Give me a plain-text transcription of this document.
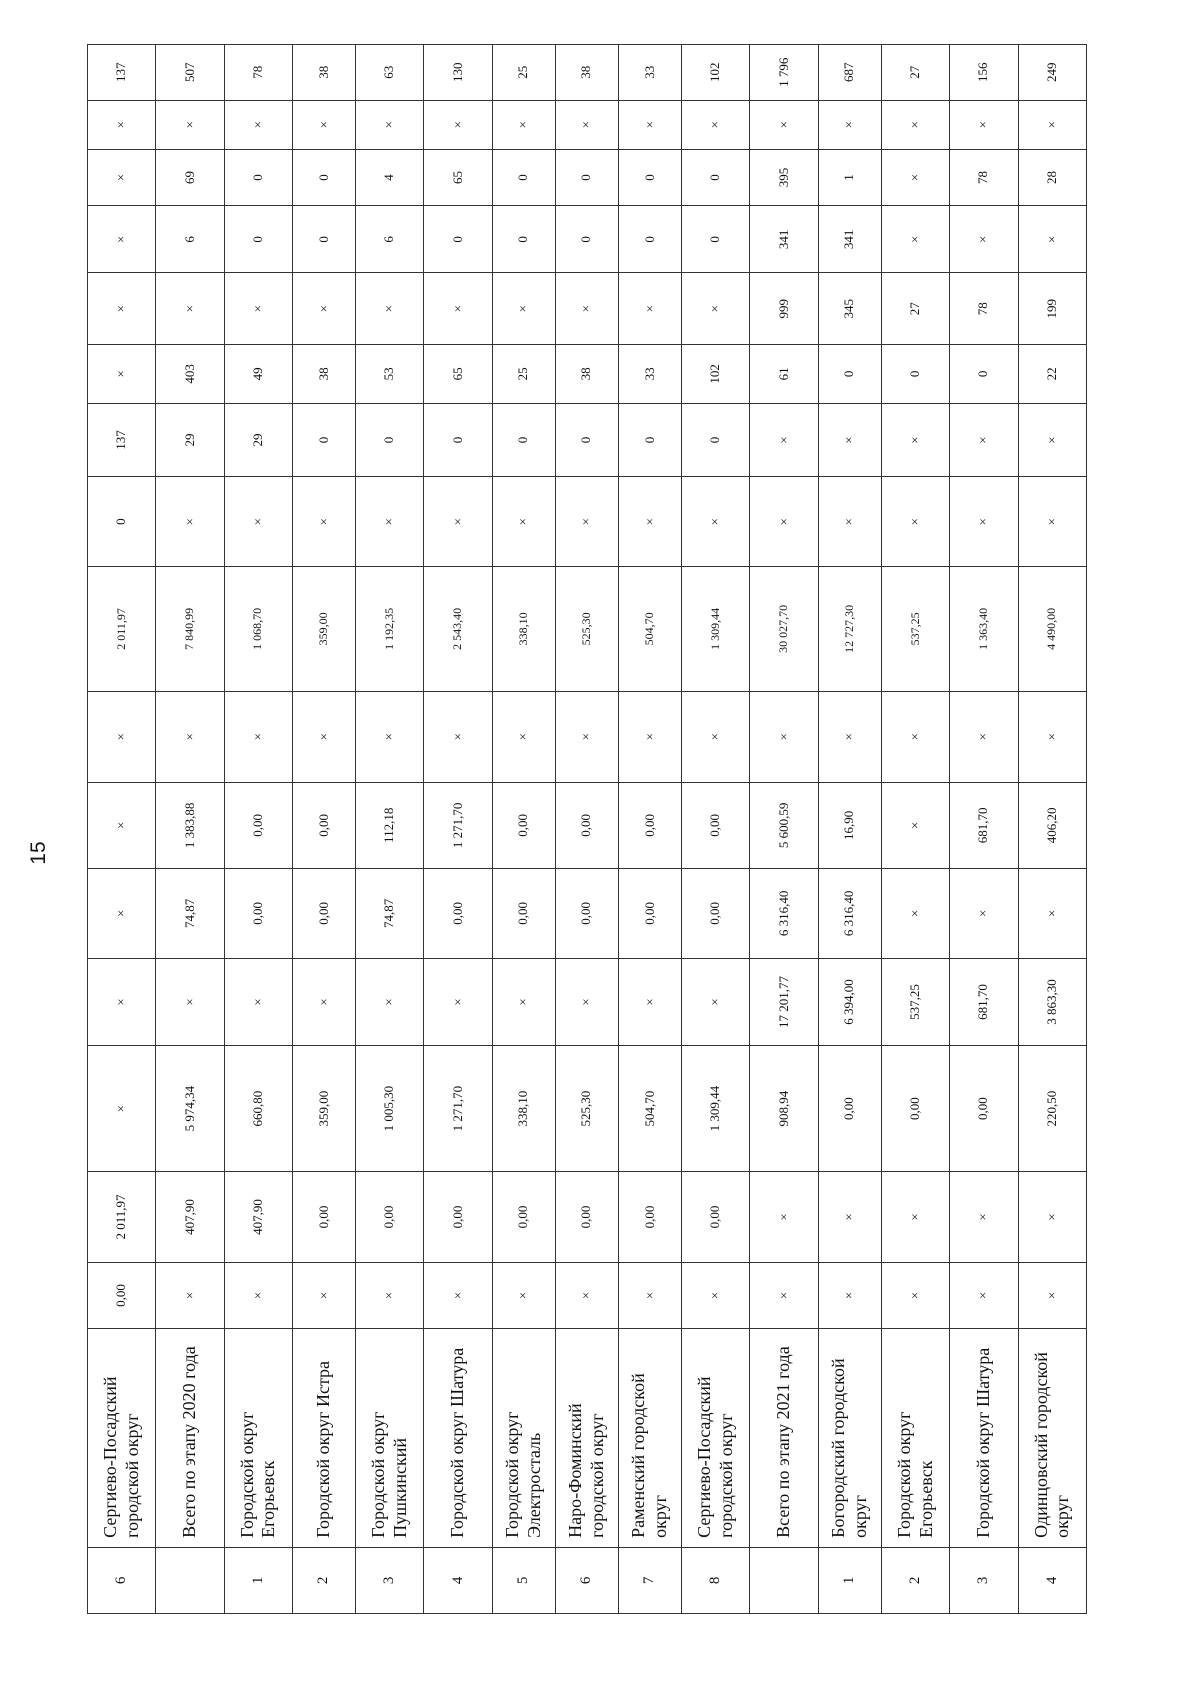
15
6	Сергиево-Посадский городской округ	0,00	2 011,97	×	×	×	×	×	2 011,97	0	137	×	×	×	×	×	137

	Всего по этапу 2020 года	×	407,90	5 974,34	×	74,87	1 383,88	×	7 840,99	×	29	403	×	6	69	×	507
1	Городской округ Егорьевск	×	407,90	660,80	×	0,00	0,00	×	1 068,70	×	29	49	×	0	0	×	78
2	Городской округ Истра	×	0,00	359,00	×	0,00	0,00	×	359,00	×	0	38	×	0	0	×	38
3	Городской округ Пушкинский	×	0,00	1 005,30	×	74,87	112,18	×	1 192,35	×	0	53	×	6	4	×	63
4	Городской округ Шатура	×	0,00	1 271,70	×	0,00	1 271,70	×	2 543,40	×	0	65	×	0	65	×	130
5	Городской округ Электросталь	×	0,00	338,10	×	0,00	0,00	×	338,10	×	0	25	×	0	0	×	25
6	Наро-Фоминский городской округ	×	0,00	525,30	×	0,00	0,00	×	525,30	×	0	38	×	0	0	×	38
7	Раменский городской округ	×	0,00	504,70	×	0,00	0,00	×	504,70	×	0	33	×	0	0	×	33
8	Сергиево-Посадский городской округ	×	0,00	1 309,44	×	0,00	0,00	×	1 309,44	×	0	102	×	0	0	×	102

	Всего по этапу 2021 года	×	×	908,94	17 201,77	6 316,40	5 600,59	×	30 027,70	×	×	61	999	341	395	×	1 796
1	Богородский городской округ	×	×	0,00	6 394,00	6 316,40	16,90	×	12 727,30	×	×	0	345	341	1	×	687
2	Городской округ Егорьевск	×	×	0,00	537,25	×	×	×	537,25	×	×	0	27	×	×	×	27
3	Городской округ Шатура	×	×	0,00	681,70	×	681,70	×	1 363,40	×	×	0	78	×	78	×	156
4	Одинцовский городской округ	×	×	220,50	3 863,30	×	406,20	×	4 490,00	×	×	22	199	×	28	×	249
